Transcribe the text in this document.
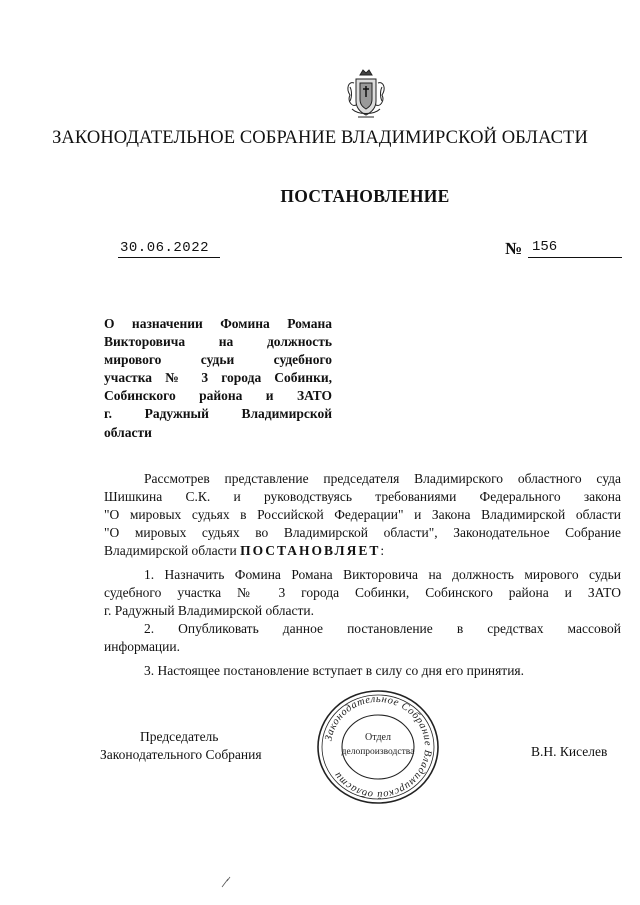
ЗАКОНОДАТЕЛЬНОЕ СОБРАНИЕ ВЛАДИМИРСКОЙ ОБЛАСТИ
ПОСТАНОВЛЕНИЕ
30.06.2022	№ 156
О назначении Фомина Романа
Викторовича на должность
мирового судьи судебного
участка № 3 города Собинки,
Собинского района и ЗАТО
г. Радужный Владимирской
области
Рассмотрев представление председателя Владимирского областного суда
Шишкина С.К. и руководствуясь требованиями Федерального закона
"О мировых судьях в Российской Федерации" и Закона Владимирской области
"О мировых судьях во Владимирской области", Законодательное Собрание
Владимирской области ПОСТАНОВЛЯЕТ:
1. Назначить Фомина Романа Викторовича на должность мирового судьи
судебного участка № 3 города Собинки, Собинского района и ЗАТО
г. Радужный Владимирской области.
2. Опубликовать данное постановление в средствах массовой
информации.
3. Настоящее постановление вступает в силу со дня его принятия.
Председатель
Законодательного Собрания
Законодательное Собрание Владимирской области
Отдел
делопроизводства	В.Н. Киселев
